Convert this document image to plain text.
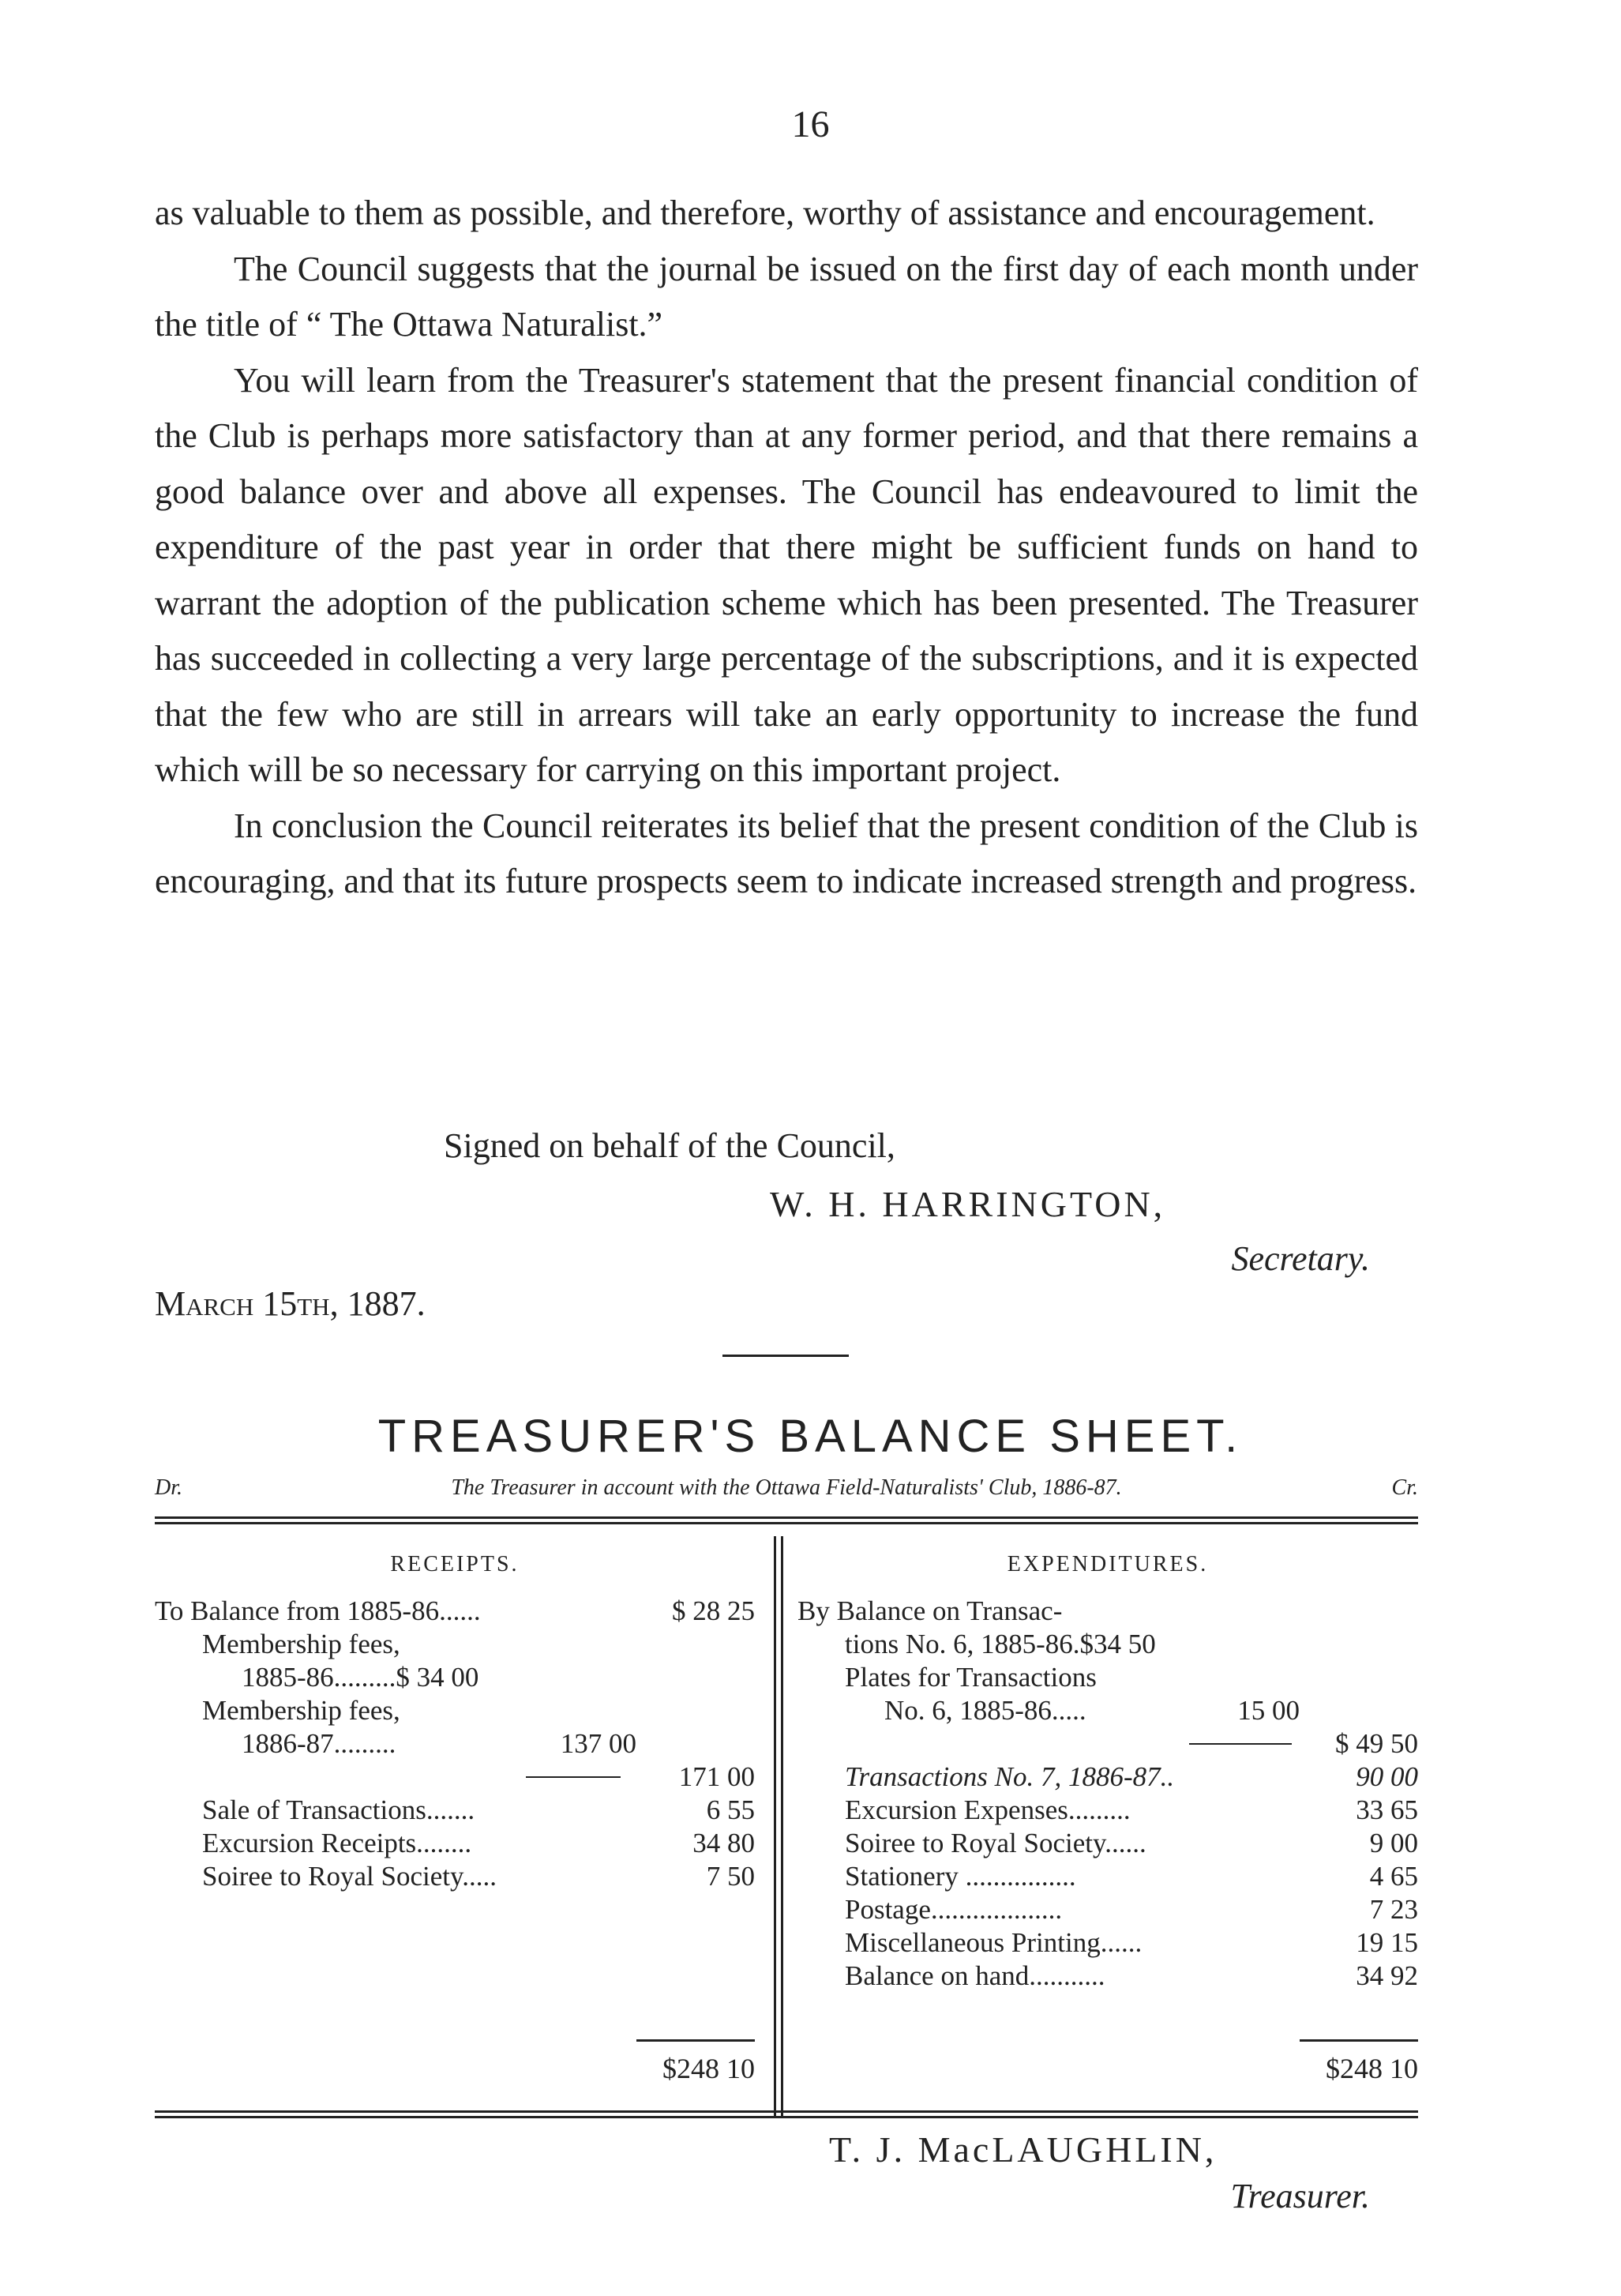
16

as valuable to them as possible, and therefore, worthy of assistance and encouragement.

The Council suggests that the journal be issued on the first day of each month under the title of “ The Ottawa Naturalist.”

You will learn from the Treasurer's statement that the present financial condition of the Club is perhaps more satisfactory than at any former period, and that there remains a good balance over and above all expenses. The Council has endeavoured to limit the expenditure of the past year in order that there might be sufficient funds on hand to warrant the adoption of the publication scheme which has been presented. The Treasurer has succeeded in collecting a very large percentage of the subscriptions, and it is expected that the few who are still in arrears will take an early opportunity to increase the fund which will be so necessary for carrying on this important project.

In conclusion the Council reiterates its belief that the present condition of the Club is encouraging, and that its future prospects seem to indicate increased strength and progress.

Signed on behalf of the Council,
W. H. HARRINGTON,
Secretary.
March 15th, 1887.
TREASURER'S BALANCE SHEET.
Dr.	The Treasurer in account with the Ottawa Field-Naturalists' Club, 1886-87.	Cr.
RECEIPTS.
To Balance from 1885-86......	$ 28 25
Membership fees,
1885-86.........$ 34 00
Membership fees,
1886-87.........	137 00
171 00
Sale of Transactions.......	6 55
Excursion Receipts........	34 80
Soiree to Royal Society.....	7 50
EXPENDITURES.
By Balance on Transac-
tions No. 6, 1885-86.$34 50
Plates for Transactions
No. 6, 1885-86.....	15 00
$ 49 50
Transactions No. 7, 1886-87..	90 00
Excursion Expenses.........	33 65
Soiree to Royal Society......	9 00
Stationery ................	4 65
Postage...................	7 23
Miscellaneous Printing......	19 15
Balance on hand...........	34 92
$248 10	$248 10
T. J. MacLAUGHLIN,
Treasurer.
